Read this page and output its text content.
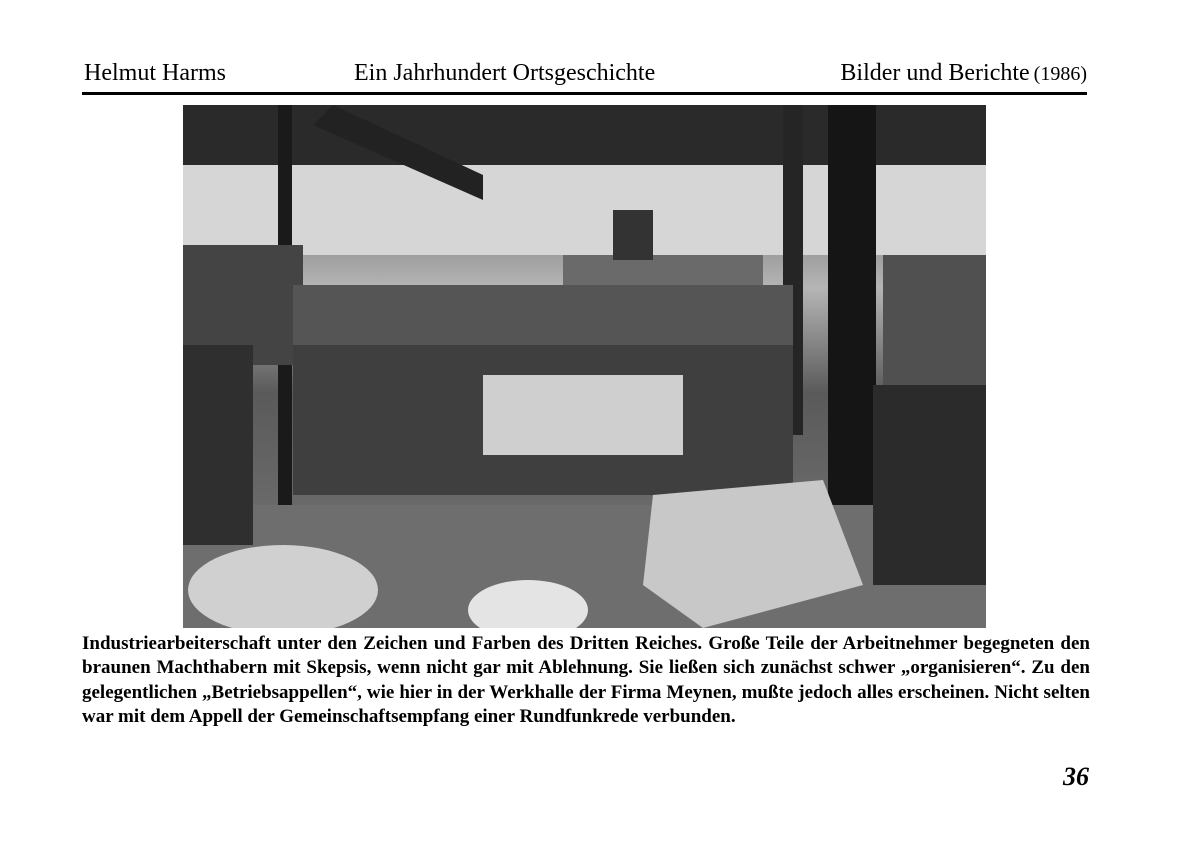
Helmut Harms	Ein Jahrhundert Ortsgeschichte	Bilder und Berichte (1986)

Industriearbeiterschaft unter den Zeichen und Farben des Dritten Reiches. Große Teile der Arbeitnehmer begegneten den braunen Machthabern mit Skepsis, wenn nicht gar mit Ablehnung. Sie ließen sich zunächst schwer „organisieren“. Zu den gelegentlichen „Betriebsappellen“, wie hier in der Werkhalle der Firma Meynen, mußte jedoch alles erscheinen. Nicht selten war mit dem Appell der Gemeinschaftsempfang einer Rundfunkrede verbunden.

36
